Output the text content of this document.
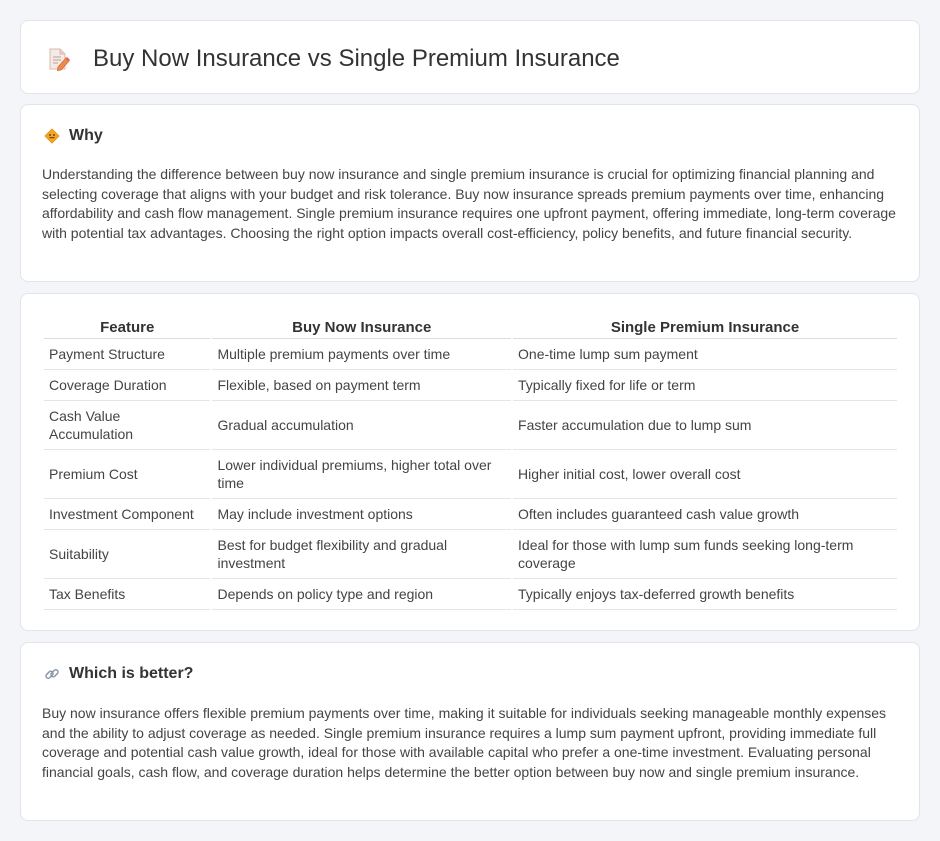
Buy Now Insurance vs Single Premium Insurance
Why

Understanding the difference between buy now insurance and single premium insurance is crucial for optimizing financial planning and selecting coverage that aligns with your budget and risk tolerance. Buy now insurance spreads premium payments over time, enhancing affordability and cash flow management. Single premium insurance requires one upfront payment, offering immediate, long-term coverage with potential tax advantages. Choosing the right option impacts overall cost-efficiency, policy benefits, and future financial security.

Feature	Buy Now Insurance	Single Premium Insurance
Payment Structure	Multiple premium payments over time	One-time lump sum payment
Coverage Duration	Flexible, based on payment term	Typically fixed for life or term
Cash Value Accumulation	Gradual accumulation	Faster accumulation due to lump sum
Premium Cost	Lower individual premiums, higher total over time	Higher initial cost, lower overall cost
Investment Component	May include investment options	Often includes guaranteed cash value growth
Suitability	Best for budget flexibility and gradual investment	Ideal for those with lump sum funds seeking long-term coverage
Tax Benefits	Depends on policy type and region	Typically enjoys tax-deferred growth benefits
Which is better?

Buy now insurance offers flexible premium payments over time, making it suitable for individuals seeking manageable monthly expenses and the ability to adjust coverage as needed. Single premium insurance requires a lump sum payment upfront, providing immediate full coverage and potential cash value growth, ideal for those with available capital who prefer a one-time investment. Evaluating personal financial goals, cash flow, and coverage duration helps determine the better option between buy now and single premium insurance.
